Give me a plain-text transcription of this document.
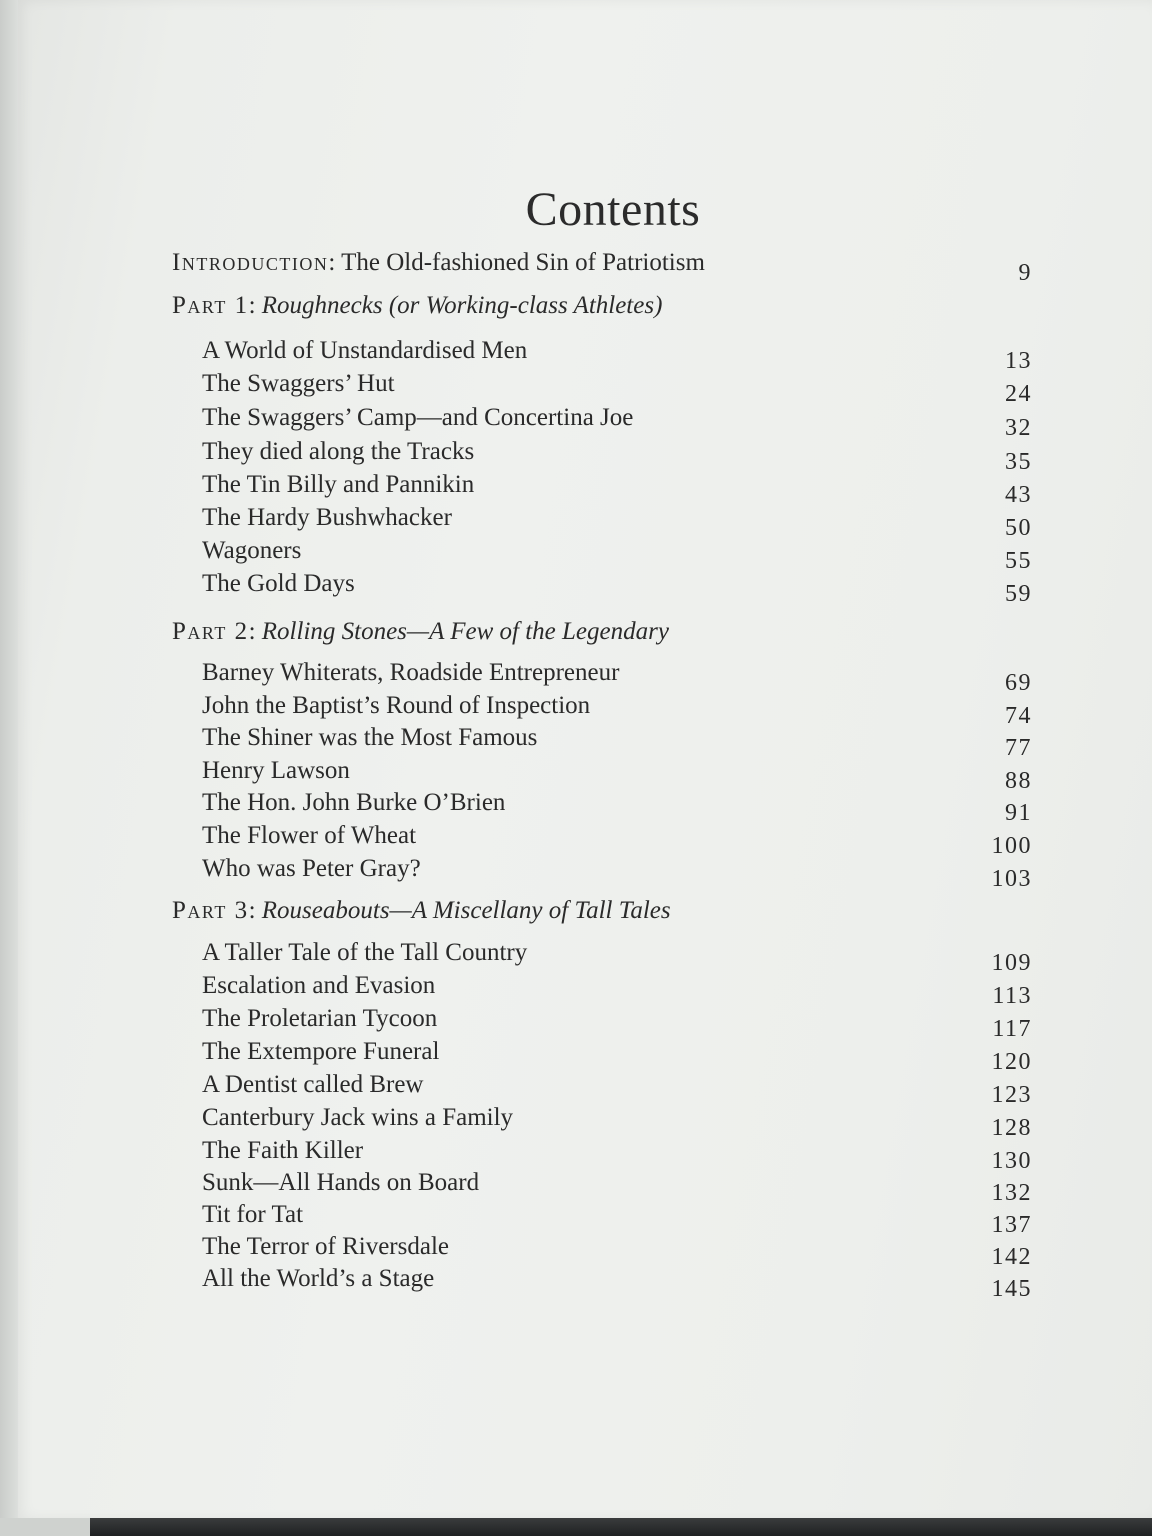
Contents
Introduction: The Old-fashioned Sin of Patriotism	9
Part 1: Roughnecks (or Working-class Athletes)
A World of Unstandardised Men	13
The Swaggers’ Hut	24
The Swaggers’ Camp—and Concertina Joe	32
They died along the Tracks	35
The Tin Billy and Pannikin	43
The Hardy Bushwhacker	50
Wagoners	55
The Gold Days	59
Part 2: Rolling Stones—A Few of the Legendary
Barney Whiterats, Roadside Entrepreneur	69
John the Baptist’s Round of Inspection	74
The Shiner was the Most Famous	77
Henry Lawson	88
The Hon. John Burke O’Brien	91
The Flower of Wheat	100
Who was Peter Gray?	103
Part 3: Rouseabouts—A Miscellany of Tall Tales
A Taller Tale of the Tall Country	109
Escalation and Evasion	113
The Proletarian Tycoon	117
The Extempore Funeral	120
A Dentist called Brew	123
Canterbury Jack wins a Family	128
The Faith Killer	130
Sunk—All Hands on Board	132
Tit for Tat	137
The Terror of Riversdale	142
All the World’s a Stage	145
